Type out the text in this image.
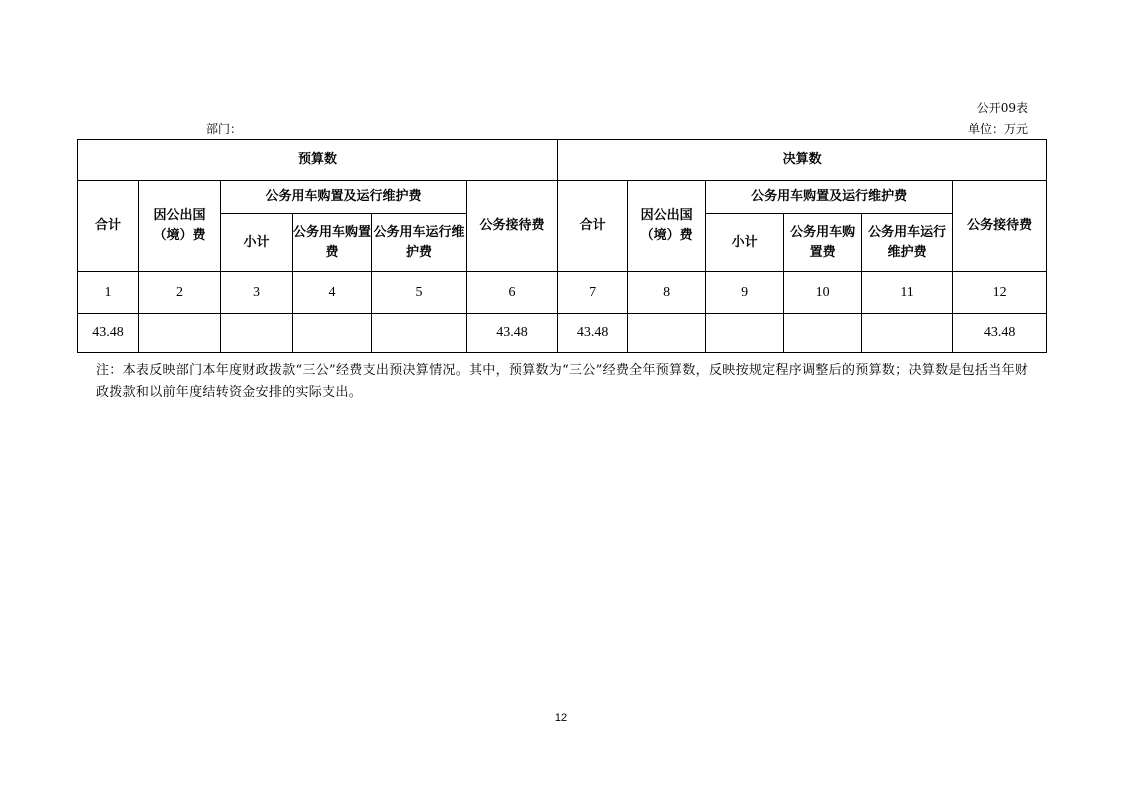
公开09表
部门：	单位：万元
预算数						决算数					
合计	因公出国（境）费	公务用车购置及运行维护费			公务接待费	合计	因公出国（境）费	公务用车购置及运行维护费			公务接待费
		小计	公务用车购置费	公务用车运行维护费				小计	公务用车购置费	公务用车运行维护费	
1	2	3	4	5	6	7	8	9	10	11	12
43.48					43.48	43.48					43.48
注：本表反映部门本年度财政拨款“三公”经费支出预决算情况。其中，预算数为“三公”经费全年预算数，反映按规定程序调整后的预算数；决算数是包括当年财政拨款和以前年度结转资金安排的实际支出。
12
